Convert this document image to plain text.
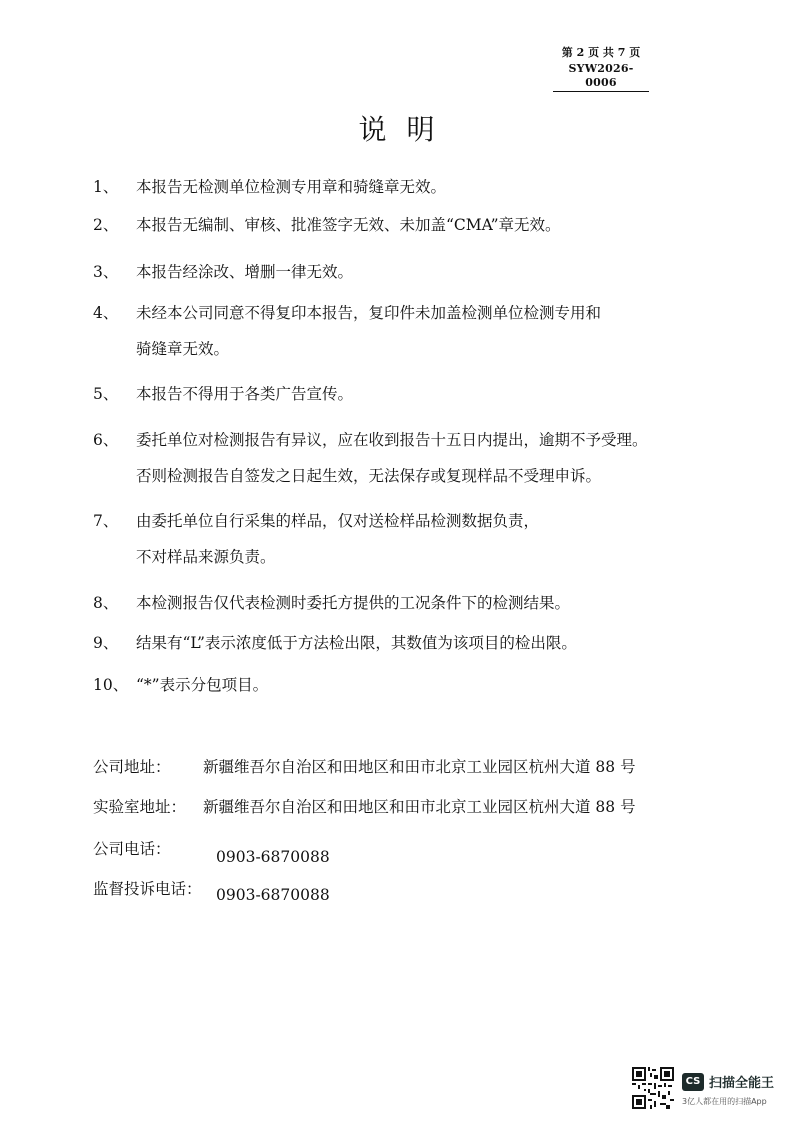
第 2 页 共 7 页
SYW2026-0006
说明
1、	本报告无检测单位检测专用章和骑缝章无效。
2、	本报告无编制、审核、批准签字无效、未加盖“CMA”章无效。
3、	本报告经涂改、增删一律无效。
4、	未经本公司同意不得复印本报告，复印件未加盖检测单位检测专用和
骑缝章无效。
5、	本报告不得用于各类广告宣传。
6、	委托单位对检测报告有异议，应在收到报告十五日内提出，逾期不予受理。
否则检测报告自签发之日起生效，无法保存或复现样品不受理申诉。
7、	由委托单位自行采集的样品，仅对送检样品检测数据负责，
不对样品来源负责。
8、	本检测报告仅代表检测时委托方提供的工况条件下的检测结果。
9、	结果有“L”表示浓度低于方法检出限，其数值为该项目的检出限。
10、 “*”表示分包项目。
公司地址： 新疆维吾尔自治区和田地区和田市北京工业园区杭州大道 88 号
实验室地址： 新疆维吾尔自治区和田地区和田市北京工业园区杭州大道 88 号
公司电话：	0903-6870088
监督投诉电话： 0903-6870088
CS 扫描全能王
3亿人都在用的扫描App
